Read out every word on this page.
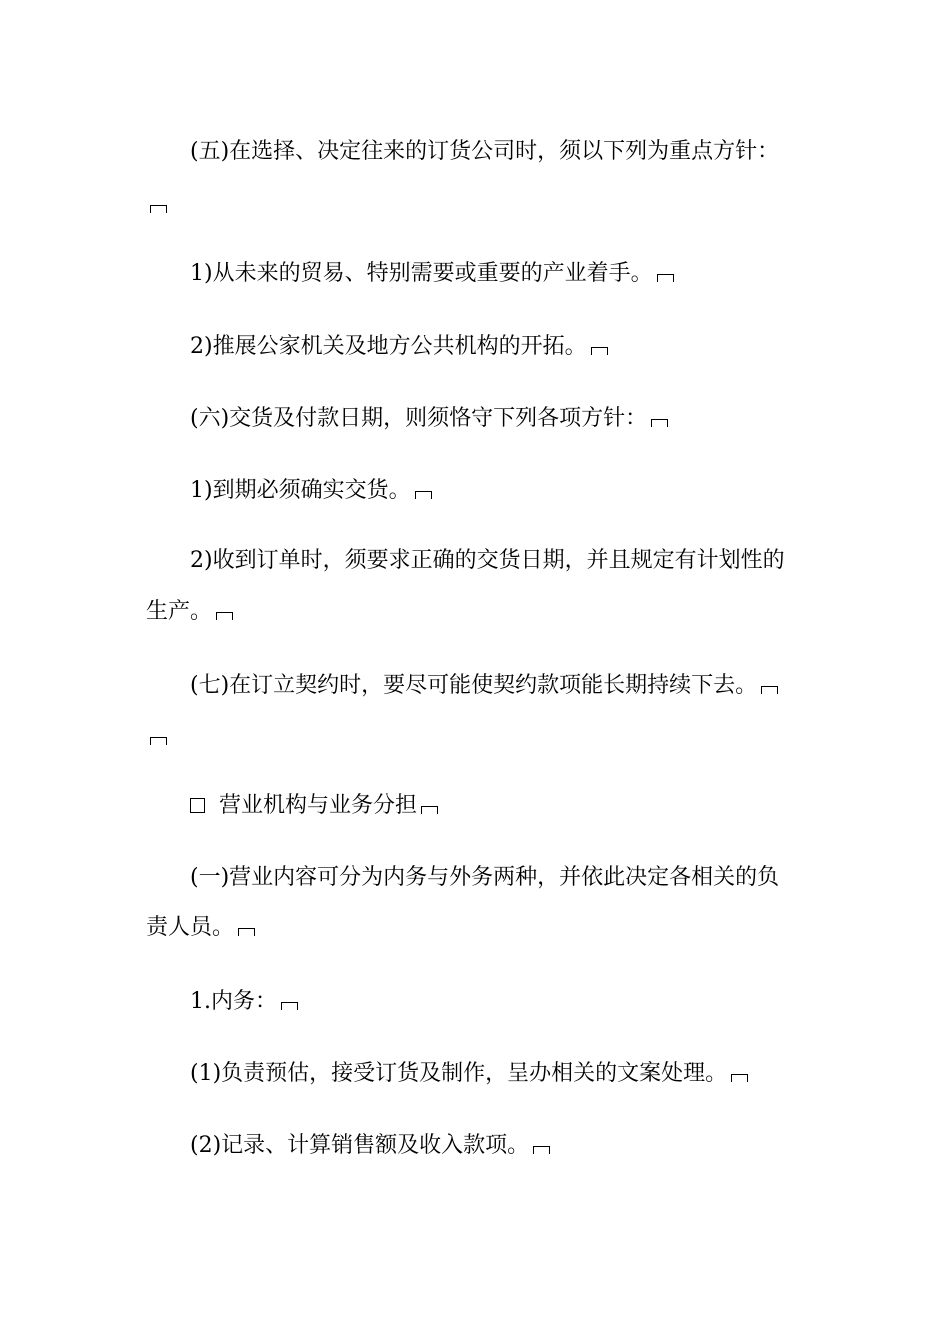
(五)在选择、决定往来的订货公司时，须以下列为重点方针：
1)从未来的贸易、特别需要或重要的产业着手。
2)推展公家机关及地方公共机构的开拓。
(六)交货及付款日期，则须恪守下列各项方针：
1)到期必须确实交货。
2)收到订单时，须要求正确的交货日期，并且规定有计划性的
生产。
(七)在订立契约时，要尽可能使契约款项能长期持续下去。
营业机构与业务分担
(一)营业内容可分为内务与外务两种，并依此决定各相关的负
责人员。
1.内务：
(1)负责预估，接受订货及制作，呈办相关的文案处理。
(2)记录、计算销售额及收入款项。
